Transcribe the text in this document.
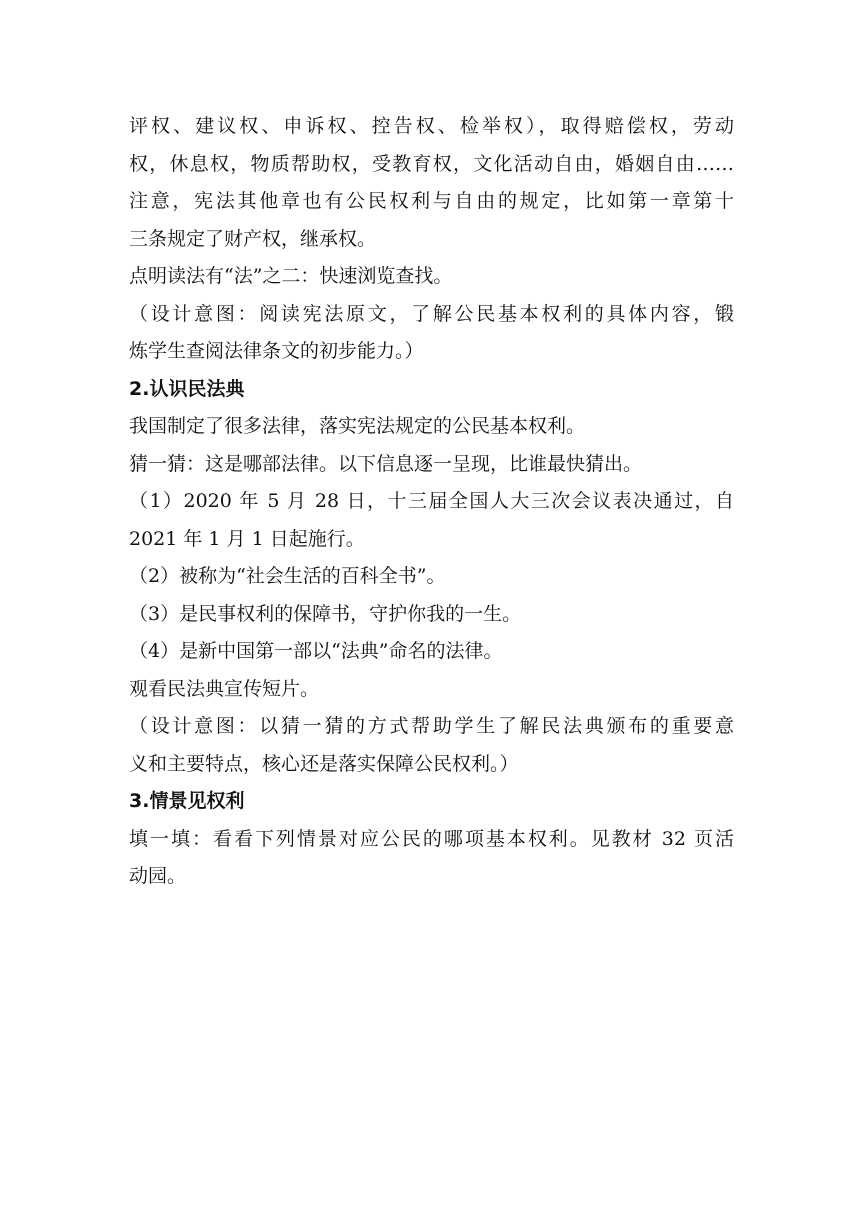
评权、建议权、申诉权、控告权、检举权），取得赔偿权，劳动
权，休息权，物质帮助权，受教育权，文化活动自由，婚姻自由……
注意，宪法其他章也有公民权利与自由的规定，比如第一章第十
三条规定了财产权，继承权。
点明读法有“法”之二：快速浏览查找。
（设计意图：阅读宪法原文，了解公民基本权利的具体内容，锻
炼学生查阅法律条文的初步能力。）
2.认识民法典
我国制定了很多法律，落实宪法规定的公民基本权利。
猜一猜：这是哪部法律。以下信息逐一呈现，比谁最快猜出。
（1）2020 年 5 月 28 日，十三届全国人大三次会议表决通过，自
2021 年 1 月 1 日起施行。
（2）被称为“社会生活的百科全书”。
（3）是民事权利的保障书，守护你我的一生。
（4）是新中国第一部以“法典”命名的法律。
观看民法典宣传短片。
（设计意图：以猜一猜的方式帮助学生了解民法典颁布的重要意
义和主要特点，核心还是落实保障公民权利。）
3.情景见权利
填一填：看看下列情景对应公民的哪项基本权利。见教材 32 页活
动园。
